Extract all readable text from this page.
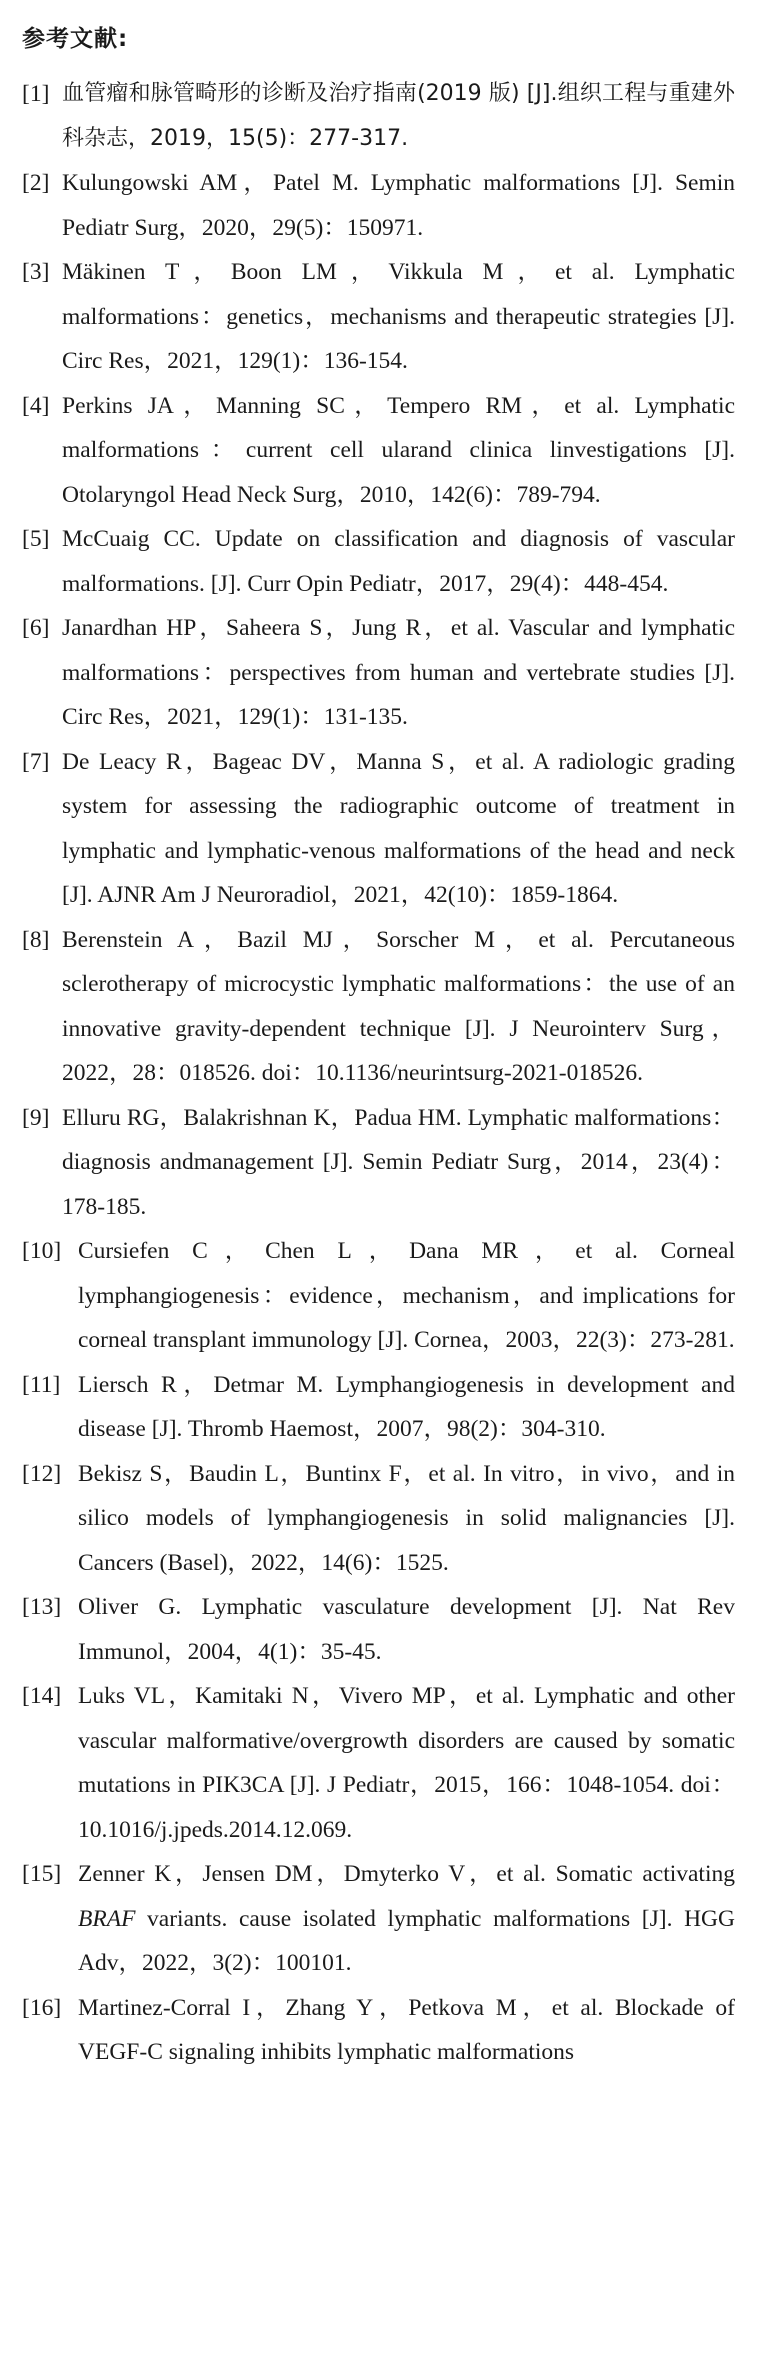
参考文献:
[1] 血管瘤和脉管畸形的诊断及治疗指南(2019 版) [J].组织工程与重建外科杂志，2019，15(5)：277-317.
[2] Kulungowski AM，Patel M. Lymphatic malformations [J]. Semin Pediatr Surg，2020，29(5)：150971.
[3] Mäkinen T，Boon LM，Vikkula M，et al. Lymphatic malformations：genetics，mechanisms and therapeutic strategies [J]. Circ Res，2021，129(1)：136-154.
[4] Perkins JA，Manning SC，Tempero RM，et al. Lymphatic malformations：current cell ularand clinica linvestigations [J]. Otolaryngol Head Neck Surg，2010，142(6)：789-794.
[5] McCuaig CC. Update on classification and diagnosis of vascular malformations. [J]. Curr Opin Pediatr，2017，29(4)：448-454.
[6] Janardhan HP，Saheera S，Jung R，et al. Vascular and lymphatic malformations：perspectives from human and vertebrate studies [J]. Circ Res，2021，129(1)：131-135.
[7] De Leacy R，Bageac DV，Manna S，et al. A radiologic grading system for assessing the radiographic outcome of treatment in lymphatic and lymphatic-venous malformations of the head and neck [J]. AJNR Am J Neuroradiol，2021，42(10)：1859-1864.
[8] Berenstein A，Bazil MJ，Sorscher M，et al. Percutaneous sclerotherapy of microcystic lymphatic malformations：the use of an innovative gravity-dependent technique [J]. J Neurointerv Surg，2022，28：018526. doi：10.1136/neurintsurg-2021-018526.
[9] Elluru RG，Balakrishnan K，Padua HM. Lymphatic malformations：diagnosis andmanagement [J]. Semin Pediatr Surg，2014，23(4)：178-185.
[10] Cursiefen C，Chen L，Dana MR，et al. Corneal lymphangiogenesis：evidence，mechanism，and implications for corneal transplant immunology [J]. Cornea，2003，22(3)：273-281.
[11] Liersch R，Detmar M. Lymphangiogenesis in development and disease [J]. Thromb Haemost，2007，98(2)：304-310.
[12] Bekisz S，Baudin L，Buntinx F，et al. In vitro，in vivo，and in silico models of lymphangiogenesis in solid malignancies [J]. Cancers (Basel)，2022，14(6)：1525.
[13] Oliver G. Lymphatic vasculature development [J]. Nat Rev Immunol，2004，4(1)：35-45.
[14] Luks VL，Kamitaki N，Vivero MP，et al. Lymphatic and other vascular malformative/overgrowth disorders are caused by somatic mutations in PIK3CA [J]. J Pediatr，2015，166：1048-1054. doi：10.1016/j.jpeds.2014.12.069.
[15] Zenner K，Jensen DM，Dmyterko V，et al. Somatic activating BRAF variants. cause isolated lymphatic malformations [J]. HGG Adv，2022，3(2)：100101.
[16] Martinez-Corral I，Zhang Y，Petkova M，et al. Blockade of VEGF-C signaling inhibits lymphatic malformations
